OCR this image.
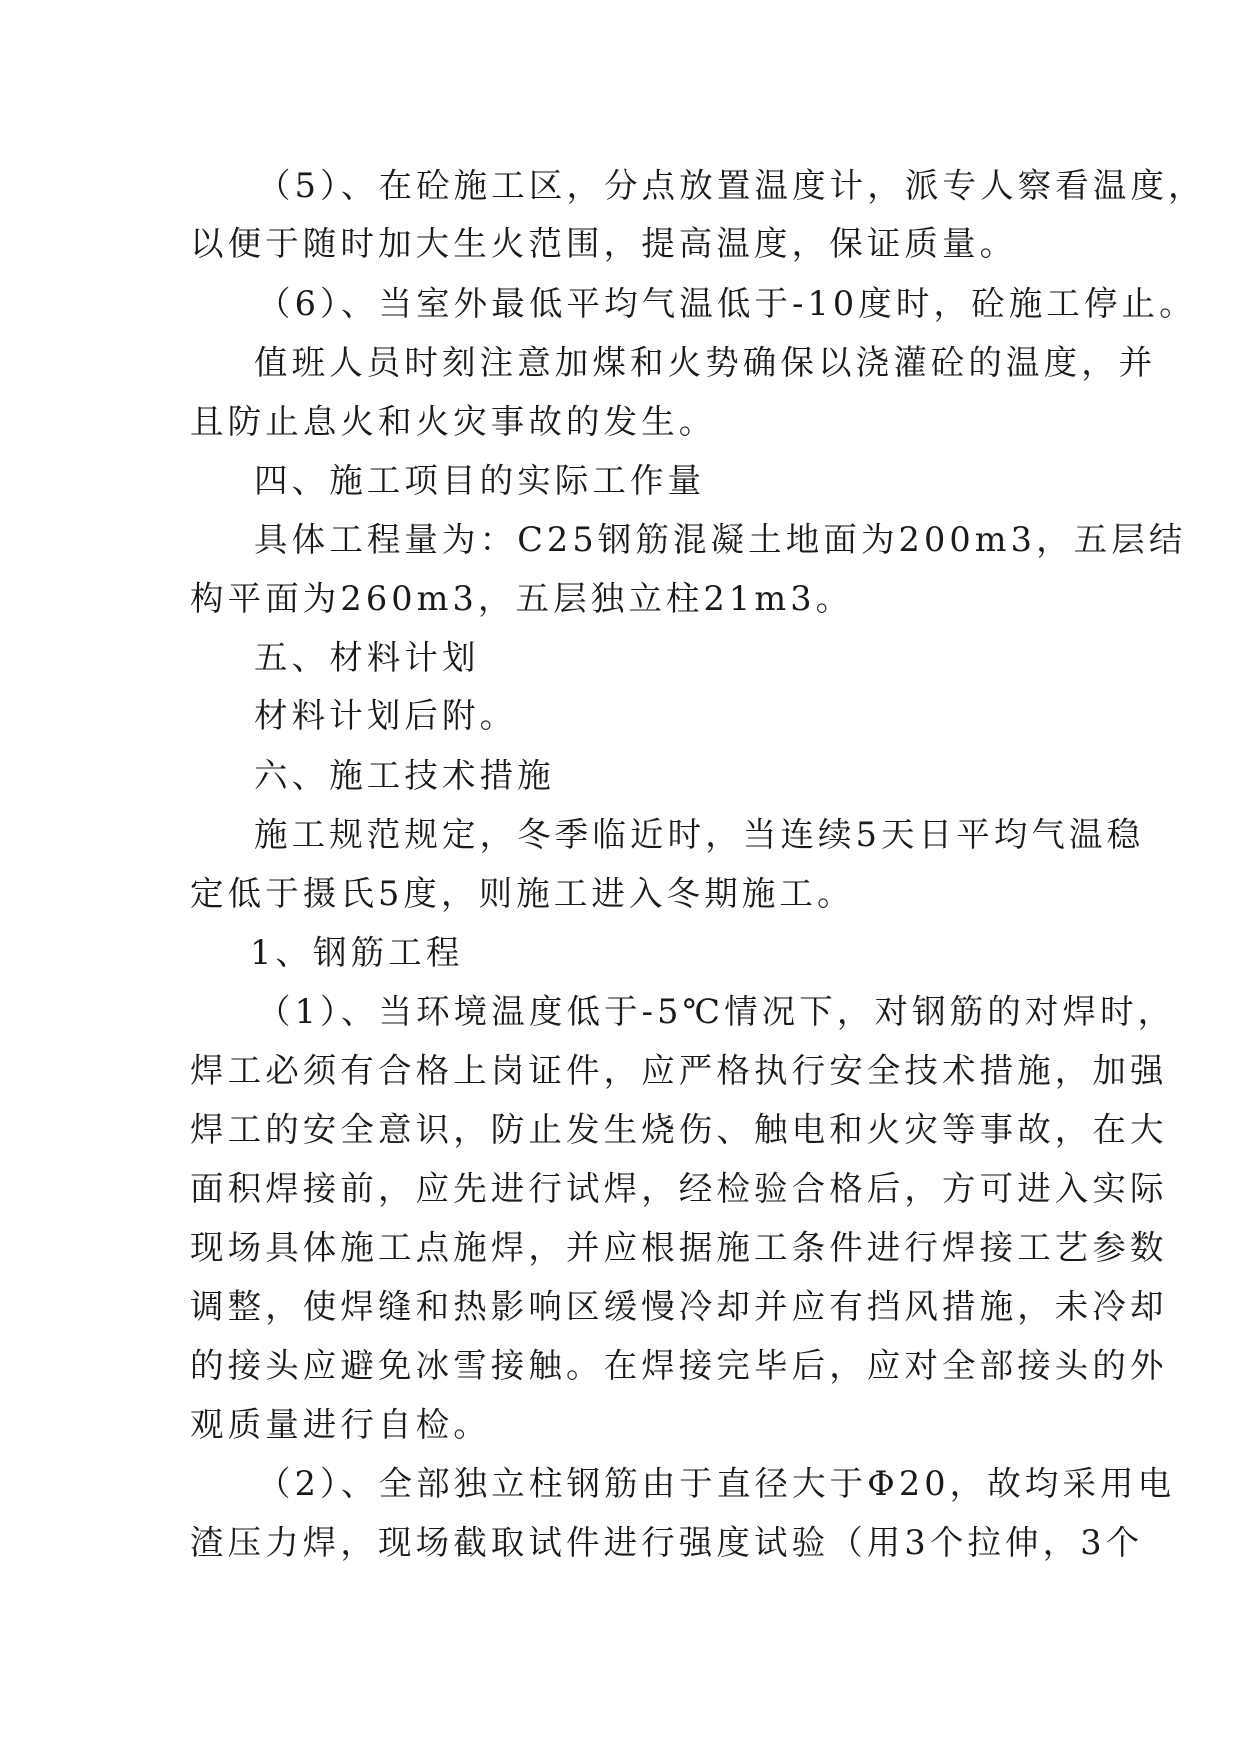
（5）、在砼施工区，分点放置温度计，派专人察看温度，
以便于随时加大生火范围，提高温度，保证质量。
（6）、当室外最低平均气温低于-10度时，砼施工停止。
值班人员时刻注意加煤和火势确保以浇灌砼的温度，并
且防止息火和火灾事故的发生。
四、施工项目的实际工作量
具体工程量为：C25钢筋混凝土地面为200m3，五层结
构平面为260m3，五层独立柱21m3。
五、材料计划
材料计划后附。
六、施工技术措施
施工规范规定，冬季临近时，当连续5天日平均气温稳
定低于摄氏5度，则施工进入冬期施工。
1、钢筋工程
（1）、当环境温度低于-5℃情况下，对钢筋的对焊时，
焊工必须有合格上岗证件，应严格执行安全技术措施，加强
焊工的安全意识，防止发生烧伤、触电和火灾等事故，在大
面积焊接前，应先进行试焊，经检验合格后，方可进入实际
现场具体施工点施焊，并应根据施工条件进行焊接工艺参数
调整，使焊缝和热影响区缓慢冷却并应有挡风措施，未冷却
的接头应避免冰雪接触。在焊接完毕后，应对全部接头的外
观质量进行自检。
（2）、全部独立柱钢筋由于直径大于Φ20，故均采用电
渣压力焊，现场截取试件进行强度试验（用3个拉伸，3个
